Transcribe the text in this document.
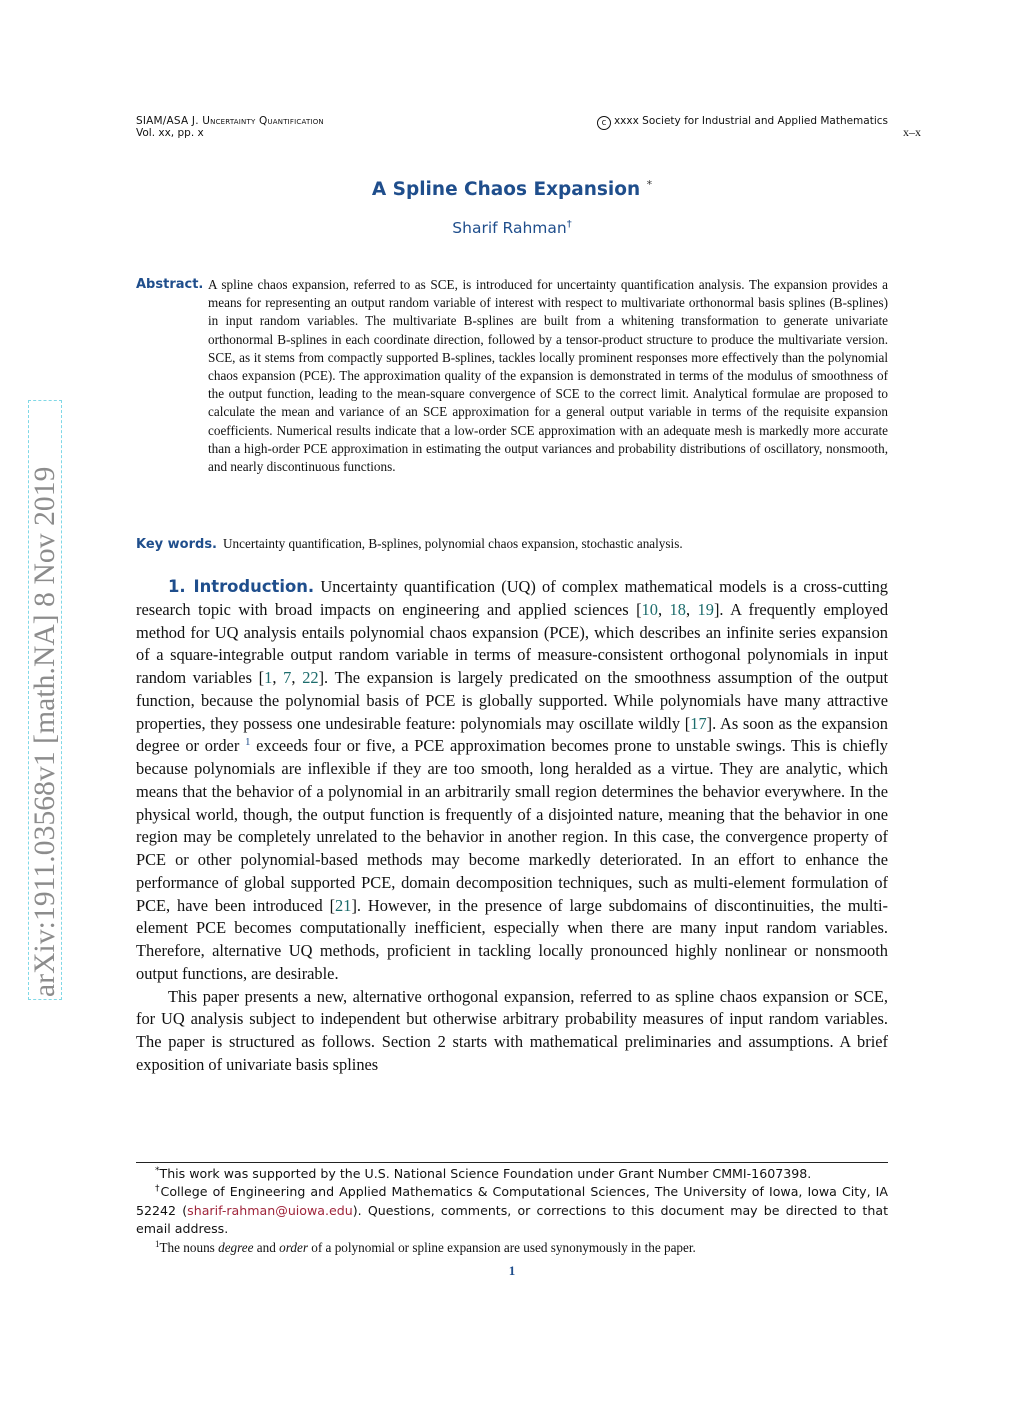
SIAM/ASA J. Uncertainty Quantification
Vol. xx, pp. x
c xxxx Society for Industrial and Applied Mathematics
x–x
arXiv:1911.03568v1 [math.NA] 8 Nov 2019
A Spline Chaos Expansion *
Sharif Rahman†
Abstract. A spline chaos expansion, referred to as SCE, is introduced for uncertainty quantification analysis. The expansion provides a means for representing an output random variable of interest with respect to multivariate orthonormal basis splines (B-splines) in input random variables. The multivariate B-splines are built from a whitening transformation to generate univariate orthonormal B-splines in each coordinate direction, followed by a tensor-product structure to produce the multivariate version. SCE, as it stems from compactly supported B-splines, tackles locally prominent responses more effectively than the polynomial chaos expansion (PCE). The approximation quality of the expansion is demonstrated in terms of the modulus of smoothness of the output function, leading to the mean-square convergence of SCE to the correct limit. Analytical formulae are proposed to calculate the mean and variance of an SCE approximation for a general output variable in terms of the requisite expansion coefficients. Numerical results indicate that a low-order SCE approximation with an adequate mesh is markedly more accurate than a high-order PCE approximation in estimating the output variances and probability distributions of oscillatory, nonsmooth, and nearly discontinuous functions.
Key words. Uncertainty quantification, B-splines, polynomial chaos expansion, stochastic analysis.

1. Introduction. Uncertainty quantification (UQ) of complex mathematical models is a cross-cutting research topic with broad impacts on engineering and applied sciences [10, 18, 19]. A frequently employed method for UQ analysis entails polynomial chaos expansion (PCE), which describes an infinite series expansion of a square-integrable output random variable in terms of measure-consistent orthogonal polynomials in input random variables [1, 7, 22]. The expansion is largely predicated on the smoothness assumption of the output function, because the polynomial basis of PCE is globally supported. While polynomials have many attractive properties, they possess one undesirable feature: polynomials may oscillate wildly [17]. As soon as the expansion degree or order $^1$ exceeds four or five, a PCE approximation becomes prone to unstable swings. This is chiefly because polynomials are inflexible if they are too smooth, long heralded as a virtue. They are analytic, which means that the behavior of a polynomial in an arbitrarily small region determines the behavior everywhere. In the physical world, though, the output function is frequently of a disjointed nature, meaning that the behavior in one region may be completely unrelated to the behavior in another region. In this case, the convergence property of PCE or other polynomial-based methods may become markedly deteriorated. In an effort to enhance the performance of global supported PCE, domain decomposition techniques, such as multi-element formulation of PCE, have been introduced [21]. However, in the presence of large subdomains of discontinuities, the multi-element PCE becomes computationally inefficient, especially when there are many input random variables. Therefore, alternative UQ methods, proficient in tackling locally pronounced highly nonlinear or nonsmooth output functions, are desirable.

This paper presents a new, alternative orthogonal expansion, referred to as spline chaos expansion or SCE, for UQ analysis subject to independent but otherwise arbitrary probability measures of input random variables. The paper is structured as follows. Section 2 starts with mathematical preliminaries and assumptions. A brief exposition of univariate basis splines

*This work was supported by the U.S. National Science Foundation under Grant Number CMMI-1607398.

†College of Engineering and Applied Mathematics & Computational Sciences, The University of Iowa, Iowa City, IA 52242 (sharif-rahman@uiowa.edu). Questions, comments, or corrections to this document may be directed to that email address.

$^1$The nouns degree and order of a polynomial or spline expansion are used synonymously in the paper.

1
